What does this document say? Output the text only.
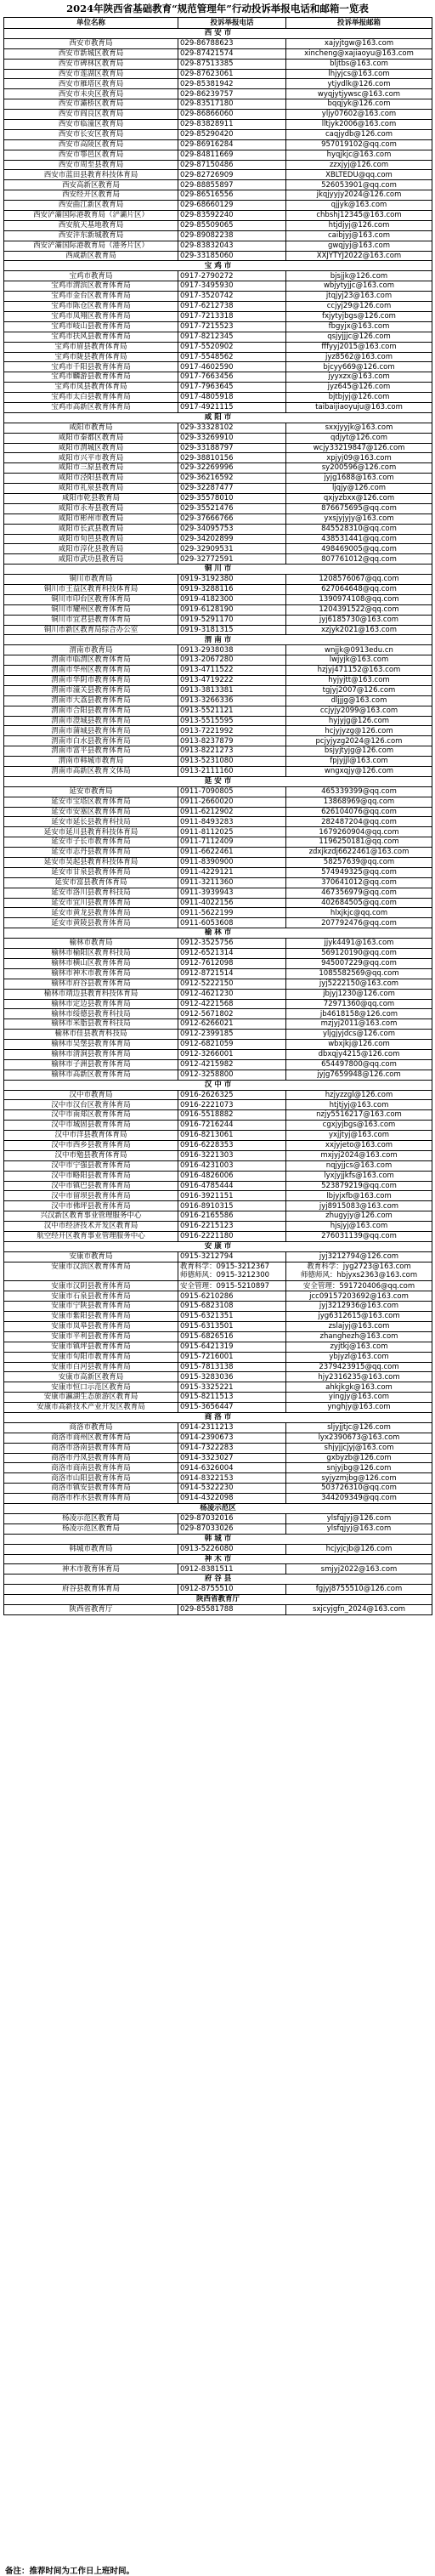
2024年陕西省基础教育“规范管理年”行动投诉举报电话和邮箱一览表
单位名称	投诉举报电话	投诉举报邮箱
西 安 市		
西安市教育局	029-86788623	xajyjtgw@163.com
西安市新城区教育局	029-87421574	xincheng@xajiaoyu@163.com
西安市碑林区教育局	029-87513385	bljtbs@163.com
西安市莲湖区教育局	029-87623061	lhjyjcs@163.com
西安市雁塔区教育局	029-85381942	ytjydlk@126.com
西安市未央区教育局	029-86239757	wyqjytjywsc@163.com
西安市灞桥区教育局	029-83517180	bqqjyk@126.com
西安市阎良区教育局	029-86866060	yljy07602@163.com
西安市临潼区教育局	029-83828911	lltjyk2006@163.com
西安市长安区教育局	029-85290420	caqjydb@126.com
西安市高陵区教育局	029-86916284	957019102@qq.com
西安市鄠邑区教育局	029-84811669	hyqjkjc@163.com
西安市周至县教育局	029-87150486	zzxjyj@126.com
西安市蓝田县教育科技体育局	029-82726909	XBLTEDU@qq.com
西安高新区教育局	029-88855897	526053901@qq.com
西安经开区教育局	029-86516556	jkqjyyjy2024@126.com
西安曲江新区教育局	029-68660129	qjjyk@163.com
西安浐灞国际港教育局（浐灞片区）	029-83592240	chbshj12345@163.com
西安航天基地教育局	029-85509065	htjdjyj@126.com
西安沣东新城教育局	029-89082238	caibjyj@163.com
西安浐灞国际港教育局（港务片区）	029-83832043	gwqjyj@163.com
西咸新区教育局	029-33185060	XXJYTYJ2022@163.com
宝 鸡 市		
宝鸡市教育局	0917-2790272	bjsjjk@126.com
宝鸡市渭滨区教育体育局	0917-3495930	wbjytyjjc@163.com
宝鸡市金台区教育体育局	0917-3520742	jtqjyj23@163.com
宝鸡市陈仓区教育体育局	0917-6212738	ccjyj29@126.com
宝鸡市凤翔区教育体育局	0917-7213318	fxjytyjbgs@126.com
宝鸡市岐山县教育体育局	0917-7215523	fbgyjx@163.com
宝鸡市扶风县教育体育局	0917-8212345	qsjyjjjc@126.com
宝鸡市眉县教育体育局	0917-5520902	fffyyj2015@163.com
宝鸡市陇县教育体育局	0917-5548562	jyz8562@163.com
宝鸡市千阳县教育体育局	0917-4602590	bjcyy669@126.com
宝鸡市麟游县教育体育局	0917-7663456	jyyxzx@163.com
宝鸡市凤县教育体育局	0917-7963645	jyz645@126.com
宝鸡市太白县教育体育局	0917-4805918	bjtbjyj@126.com
宝鸡市高新区教育体育局	0917-4921115	taibaijiaoyuju@163.com
咸 阳 市		
咸阳市教育局	029-33328102	sxxjyyjk@163.com
咸阳市秦都区教育局	029-33269910	qdjyt@126.com
咸阳市渭城区教育局	029-33188797	wcjy33219847@126.com
咸阳市兴平市教育局	029-38810156	xpjyj09@163.com
咸阳市三原县教育局	029-32269996	sy200596@126.com
咸阳市泾阳县教育局	029-36216592	jyjg1688@163.com
咸阳市礼泉县教育局	029-32287477	ljqjy@126.com
咸阳市乾县教育局	029-35578010	qxjyzbxx@126.com
咸阳市永寿县教育局	029-35521476	876675695@qq.com
咸阳市彬州市教育局	029-37666766	yxsjyjyjy@163.com
咸阳市长武县教育局	029-34095753	845528310@qq.com
咸阳市旬邑县教育局	029-34202899	438531441@qq.com
咸阳市淳化县教育局	029-32909531	498469005@qq.com
咸阳市武功县教育局	029-32772591	807761012@qq.com
铜 川 市		
铜川市教育局	0919-3192380	1208576067@qq.com
铜川市王益区教育科技体育局	0919-3288116	627064648@qq.com
铜川市印台区教育体育局	0919-4182300	1390974108@qq.com
铜川市耀州区教育体育局	0919-6128190	1204391522@qq.com
铜川市宜君县教育体育局	0919-5291170	jyj6185730@163.com
铜川市新区教育局综合办公室	0919-3181315	xzjyk2021@163.com
渭 南 市		
渭南市教育局	0913-2938038	wnjjk@0913edu.cn
渭南市临渭区教育体育局	0913-2067280	lwjyjk@163.com
渭南市华州区教育体育局	0913-4711522	hzjyj471152@163.com
渭南市华阴市教育体育局	0913-4719222	hyjyjtt@163.com
渭南市潼关县教育体育局	0913-3813381	tgjyj2007@126.com
渭南市大荔县教育体育局	0913-3266336	dljjjg@163.com
渭南市合阳县教育体育局	0913-5521121	ccjyjy2099@163.com
渭南市澄城县教育体育局	0913-5515595	hyjyjg@126.com
渭南市蒲城县教育体育局	0913-7221992	hcjyjyzg@126.com
渭南市白水县教育体育局	0913-8237879	pcjyjyzg2024@126.com
渭南市富平县教育体育局	0913-8221273	bsjyjtyjg@126.com
渭南市韩城市教育局	0913-5231080	fpjyjjl@163.com
渭南市高新区教育文体局	0913-2111160	wngxqjy@126.com
延 安 市		
延安市教育局	0911-7090805	465339399@qq.com
延安市宝塔区教育体育局	0911-2660020	13868969@qq.com
延安市安塞区教育体育局	0911-6212902	626104076@qq.com
延安市延长县教育科技局	0911-8493283	282487204@qq.com
延安市延川县教育科技体育局	0911-8112025	1679260904@qq.com
延安市子长市教育体育局	0911-7112409	1196250181@qq.com
延安市志丹县教育体育局	0911-6622461	zdxjkzdj6622461@163.com
延安市吴起县教育科技体育局	0911-8390900	58257639@qq.com
延安市甘泉县教育体育局	0911-4229121	574949325@qq.com
延安市富县教育体育局	0911-3211360	370641012@qq.com
延安市洛川县教育科技局	0911-3939943	467356979@qq.com
延安市宜川县教育体育局	0911-4022156	402684505@qq.com
延安市黄龙县教育体育局	0911-5622199	hlxjkjc@qq.com
延安市黄陵县教育体育局	0911-6053608	207792476@qq.com
榆 林 市		
榆林市教育局	0912-3525756	jjyk4491@163.com
榆林市榆阳区教育科技局	0912-6521314	569120190@qq.com
榆林市横山区教育体育局	0912-7612098	945007229@qq.com
榆林市神木市教育体育局	0912-8721514	1085582569@qq.com
榆林市府谷县教育体育局	0912-5222150	jyj5222150@163.com
榆林市靖边县教育科技体育局	0912-4621230	jbjyj1230@126.com
榆林市定边县教育体育局	0912-4221568	72971360@qq.com
榆林市绥德县教育科技局	0912-5671802	jb4618158@126.com
榆林市米脂县教育科技局	0912-6266021	mzjyj2011@163.com
榆林市佳县教育科技局	0912-2399185	yljgjyjdcs@126.com
榆林市吴堡县教育体育局	0912-6821059	wbxjkj@126.com
榆林市清涧县教育体育局	0912-3266001	dbxqjy4215@126.com
榆林市子洲县教育体育局	0912-4215982	654497800@qq.com
榆林市高新区教育体育局	0912-3258800	jyjg7659948@126.com
汉 中 市		
汉中市教育局	0916-2626325	hzjyzzgl@126.com
汉中市汉台区教育体育局	0916-2221073	htjtjyj@163.com
汉中市南郑区教育体育局	0916-5518882	nzjy5516217@163.com
汉中市城固县教育体育局	0916-7216244	cgxjyjbgs@163.com
汉中市洋县教育体育局	0916-8213061	yxjjtyj@163.com
汉中市西乡县教育体育局	0916-6228353	xxjyjeto@163.com
汉中市勉县教育体育局	0916-3221303	mxjyj2024@163.com
汉中市宁强县教育体育局	0916-4231003	nqjyjjcs@163.com
汉中市略阳县教育体育局	0916-4826006	lyxjyjjkfs@163.com
汉中市镇巴县教育体育局	0916-4785444	523879219@qq.com
汉中市留坝县教育体育局	0916-3921151	lbjyjxfb@163.com
汉中市佛坪县教育体育局	0916-8910315	jyj8915083@163.com
兴汉新区教育事业管理服务中心	0916-2165586	zhugyjy@126.com
汉中市经济技术开发区教育局	0916-2215123	hjsjyj@163.com
航空经开区教育事业管理服务中心	0916-2221180	276031139@qq.com
安 康 市		
安康市教育局	0915-3212794	jyj3212794@126.com
安康市汉滨区教育体育局	教育科学：0915-3212367
师德师风：0915-3212300	教育科学：jyg2723@163.com
师德师风：hbjyxs2363@163.com
安康市汉阴县教育体育局	安全管理：0915-5210897	安全管理：591720406@qq.com
安康市石泉县教育体育局	0915-6210286	jcc09157203692@163.com
安康市宁陕县教育体育局	0915-6823108	jyj3212936@163.com
安康市紫阳县教育体育局	0915-6321351	jyg6312615@163.com
安康市岚皋县教育体育局	0915-6313501	zslajyj@163.com
安康市平利县教育体育局	0915-6826516	zhanghezh@163.com
安康市镇坪县教育体育局	0915-6421319	zyjtkj@163.com
安康市旬阳市教育体育局	0915-7216001	ybjyzl@163.com
安康市白河县教育体育局	0915-7813138	2379423915@qq.com
安康市高新区教育局	0915-3283036	hjy2316235@163.com
安康市恒口示范区教育局	0915-3325221	ahkjkgk@163.com
安康市瀛湖生态旅游区教育局	0915-8211513	yingjy@163.com
安康市高新技术产业开发区教育局	0915-3656447	ynghjy@163.com
商 洛 市		
商洛市教育局	0914-2311213	sljyjjtjc@126.com
商洛市商州区教育体育局	0914-2390673	lyx2390673@163.com
商洛市洛南县教育体育局	0914-7322283	shjyjjcjyj@163.com
商洛市丹凤县教育体育局	0914-3323027	gxbyzb@126.com
商洛市商南县教育体育局	0914-6326004	snjyjbg@126.com
商洛市山阳县教育体育局	0914-8322153	syjyzmjbg@126.com
商洛市镇安县教育体育局	0914-5322230	503726310@qq.com
商洛市柞水县教育体育局	0914-4322098	344209349@qq.com
杨凌示范区		
杨凌示范区教育局	029-87032016	ylsfqjyj@126.com
杨凌示范区教育局	029-87033026	ylsfqjyj@163.com
韩 城 市		
韩城市教育局	0913-5226080	hcjyjcjb@126.com
神 木 市		
神木市教育体育局	0912-8381511	smjyj2022@163.com
府 谷 县		
府谷县教育体育局	0912-8755510	fgjyj8755510@126.com
陕西省教育厅		
陕西省教育厅	029-85581788	sxjcyjgfn_2024@163.com
备注：推荐时间为工作日上班时间。
